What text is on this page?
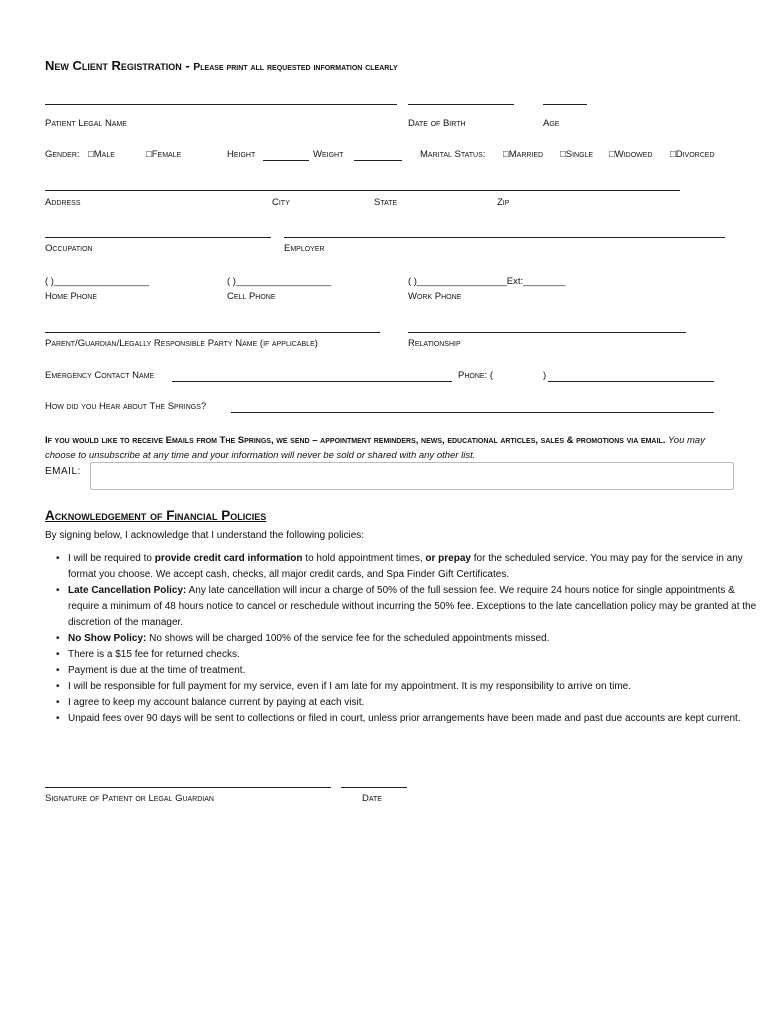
New Client Registration - Please print all requested information clearly
Patient Legal Name	Date of Birth	Age
Gender: □Male	□Female	Height	Weight	Marital Status: □Married □Single □Widowed □Divorced
Address	City	State	Zip
Occupation	Employer
( )__________________	( )__________________	( )_________________Ext:________
Home Phone	Cell Phone	Work Phone
Parent/Guardian/Legally Responsible Party Name (if applicable)	Relationship
Emergency Contact Name	Phone: (	)
How did you Hear about The Springs?
If you would like to receive Emails from The Springs, we send – appointment reminders, news, educational articles, sales & promotions via email. You may choose to unsubscribe at any time and your information will never be sold or shared with any other list.
EMAIL:
Acknowledgement of Financial Policies
By signing below, I acknowledge that I understand the following policies:
• I will be required to provide credit card information to hold appointment times, or prepay for the scheduled service. You may pay for the service in any format you choose. We accept cash, checks, all major credit cards, and Spa Finder Gift Certificates.
• Late Cancellation Policy: Any late cancellation will incur a charge of 50% of the full session fee. We require 24 hours notice for single appointments & require a minimum of 48 hours notice to cancel or reschedule without incurring the 50% fee. Exceptions to the late cancellation policy may be granted at the discretion of the manager.
• No Show Policy: No shows will be charged 100% of the service fee for the scheduled appointments missed.
• There is a $15 fee for returned checks.
• Payment is due at the time of treatment.
• I will be responsible for full payment for my service, even if I am late for my appointment. It is my responsibility to arrive on time.
• I agree to keep my account balance current by paying at each visit.
• Unpaid fees over 90 days will be sent to collections or filed in court, unless prior arrangements have been made and past due accounts are kept current.
Signature of Patient or Legal Guardian	Date
